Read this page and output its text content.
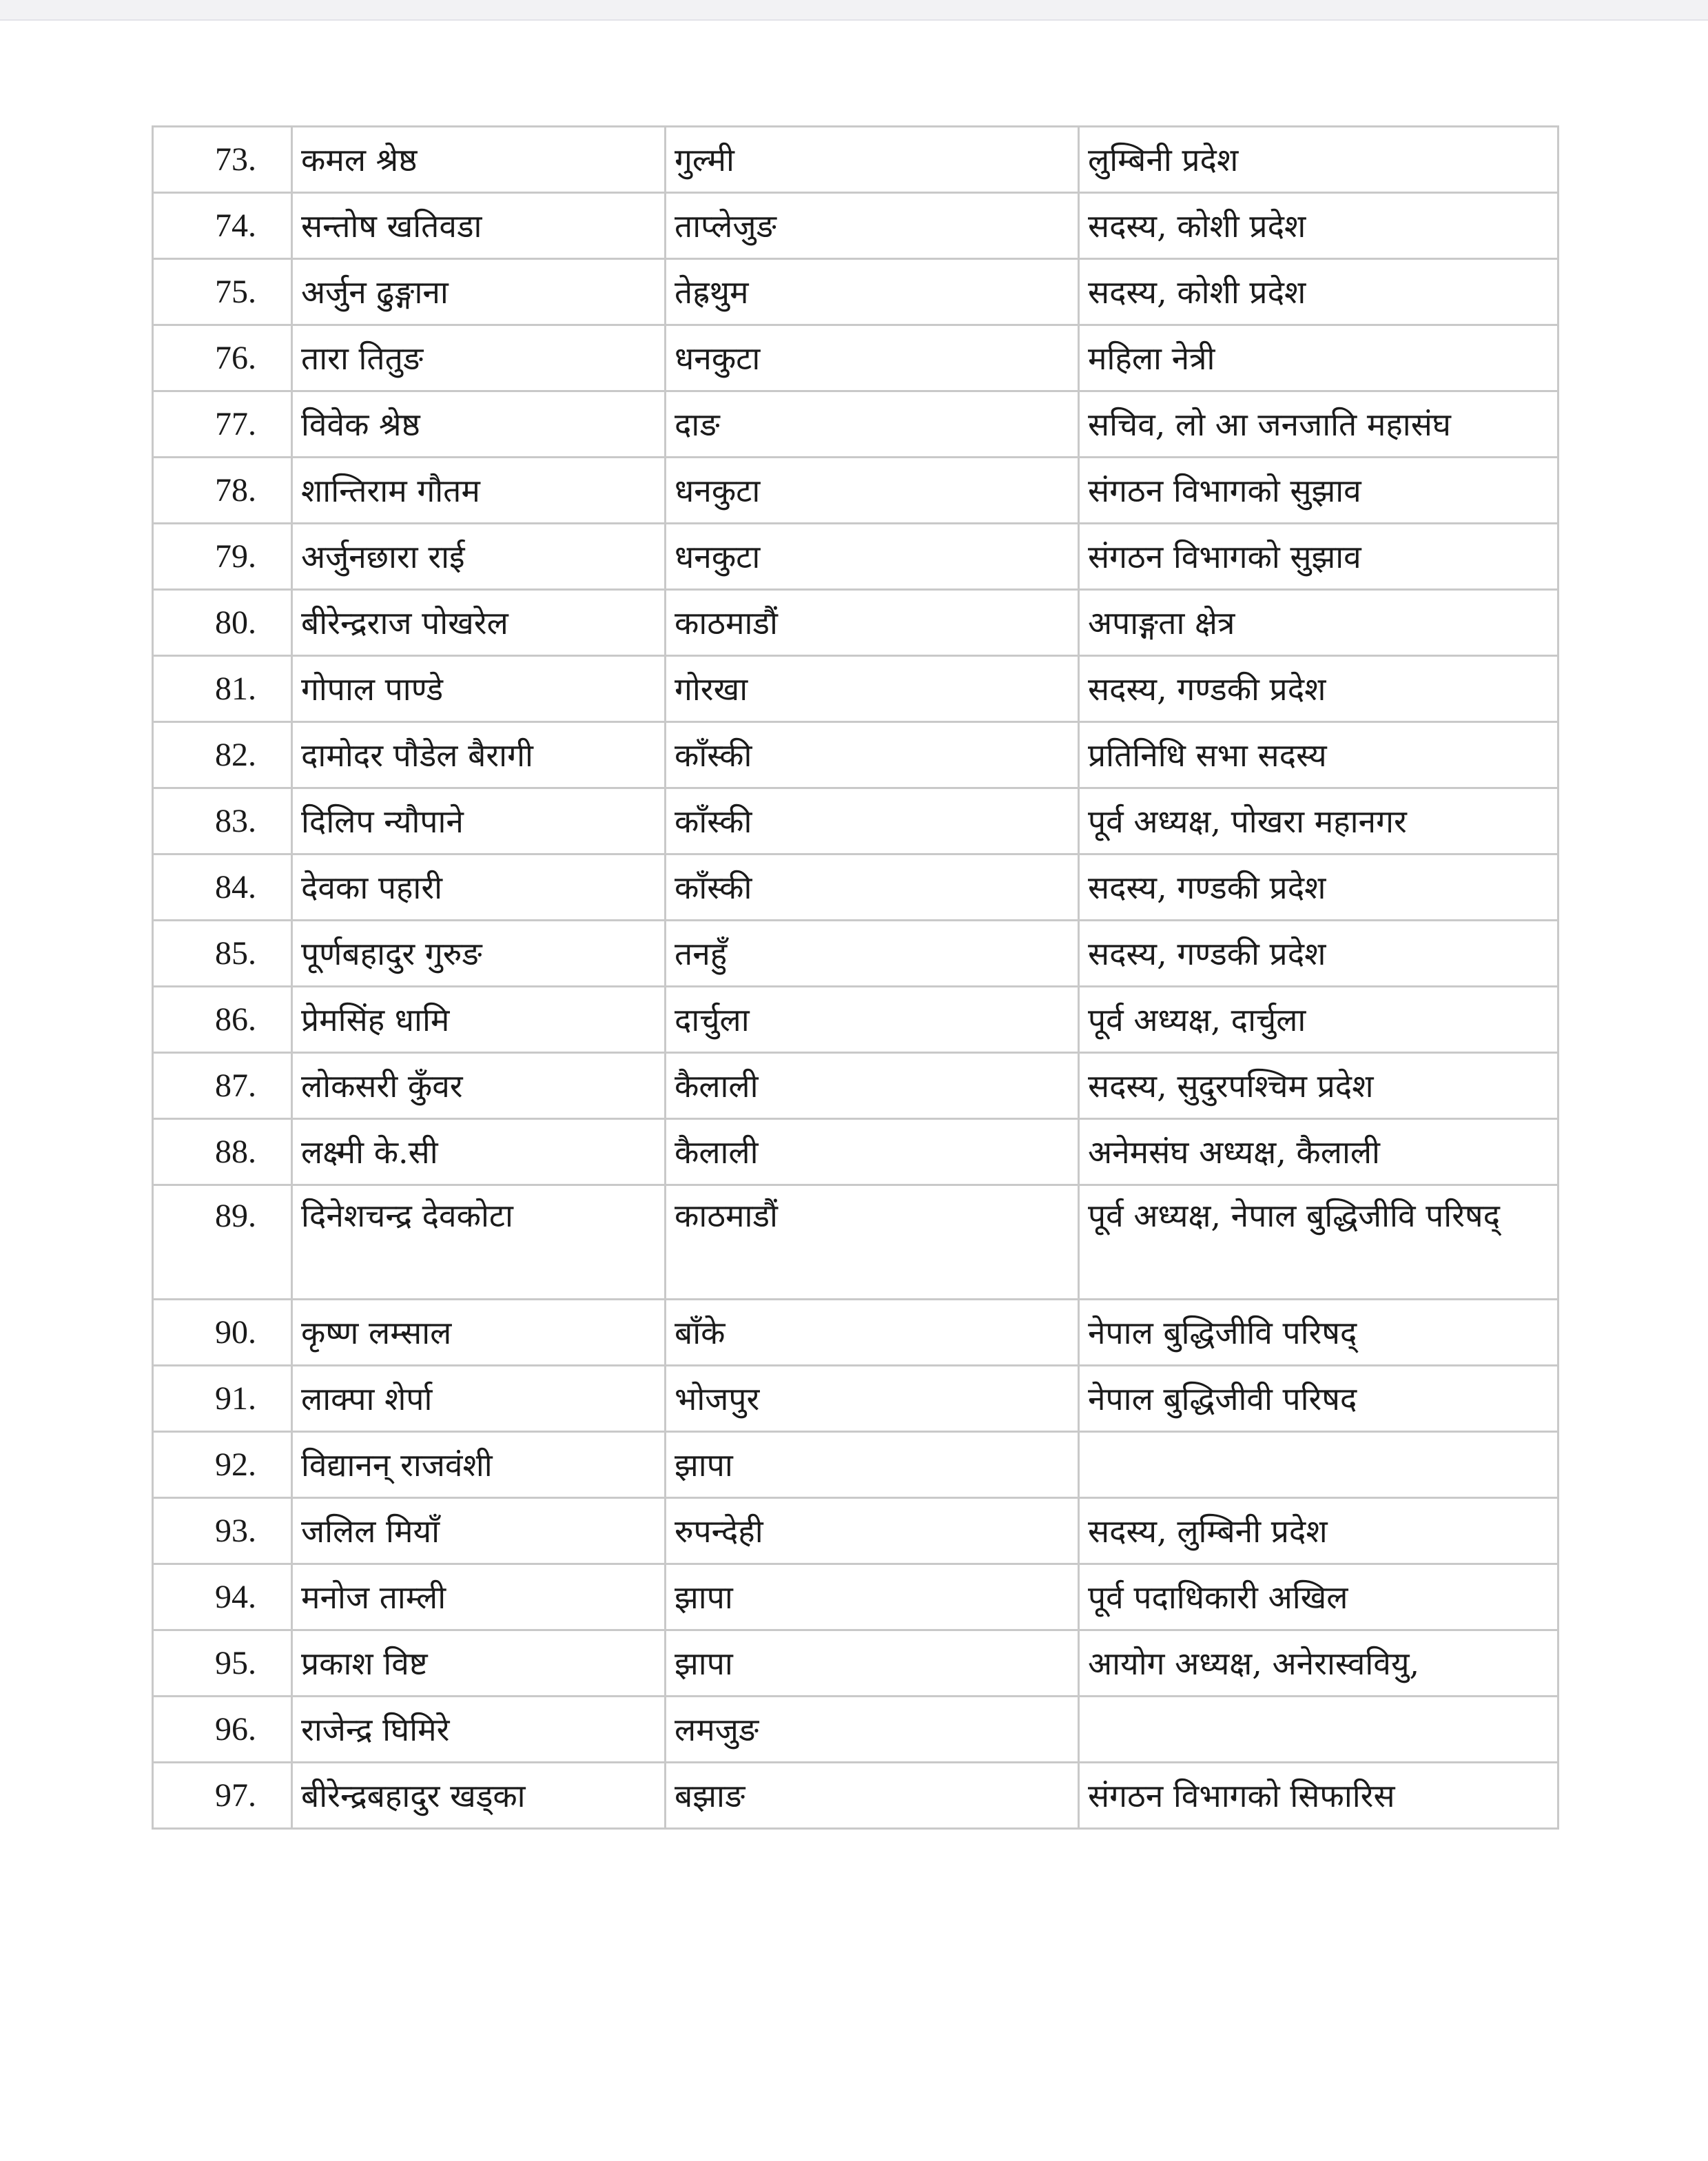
73.	कमल श्रेष्ठ	गुल्मी	लुम्बिनी प्रदेश
74.	सन्तोष खतिवडा	ताप्लेजुङ	सदस्य, कोशी प्रदेश
75.	अर्जुन ढुङ्गाना	तेह्रथुम	सदस्य, कोशी प्रदेश
76.	तारा तितुङ	धनकुटा	महिला नेत्री
77.	विवेक श्रेष्ठ	दाङ	सचिव, लो आ जनजाति महासंघ
78.	शान्तिराम गौतम	धनकुटा	संगठन विभागको सुझाव
79.	अर्जुनछारा राई	धनकुटा	संगठन विभागको सुझाव
80.	बीरेन्द्रराज पोखरेल	काठमाडौं	अपाङ्गता क्षेत्र
81.	गोपाल पाण्डे	गोरखा	सदस्य, गण्डकी प्रदेश
82.	दामोदर पौडेल बैरागी	काँस्की	प्रतिनिधि सभा सदस्य
83.	दिलिप न्यौपाने	काँस्की	पूर्व अध्यक्ष, पोखरा महानगर
84.	देवका पहारी	काँस्की	सदस्य, गण्डकी प्रदेश
85.	पूर्णबहादुर गुरुङ	तनहुँ	सदस्य, गण्डकी प्रदेश
86.	प्रेमसिंह धामि	दार्चुला	पूर्व अध्यक्ष, दार्चुला
87.	लोकसरी कुँवर	कैलाली	सदस्य, सुदुरपश्चिम प्रदेश
88.	लक्ष्मी के.सी	कैलाली	अनेमसंघ अध्यक्ष, कैलाली
89.	दिनेशचन्द्र देवकोटा	काठमाडौं	पूर्व अध्यक्ष, नेपाल बुद्धिजीवि परिषद्
90.	कृष्ण लम्साल	बाँके	नेपाल बुद्धिजीवि परिषद्
91.	लाक्पा शेर्पा	भोजपुर	नेपाल बुद्धिजीवी परिषद
92.	विद्यानन् राजवंशी	झापा	
93.	जलिल मियाँ	रुपन्देही	सदस्य, लुम्बिनी प्रदेश
94.	मनोज ताम्ली	झापा	पूर्व पदाधिकारी अखिल
95.	प्रकाश विष्ट	झापा	आयोग अध्यक्ष, अनेरास्ववियु,
96.	राजेन्द्र घिमिरे	लमजुङ	
97.	बीरेन्द्रबहादुर खड्का	बझाङ	संगठन विभागको सिफारिस
